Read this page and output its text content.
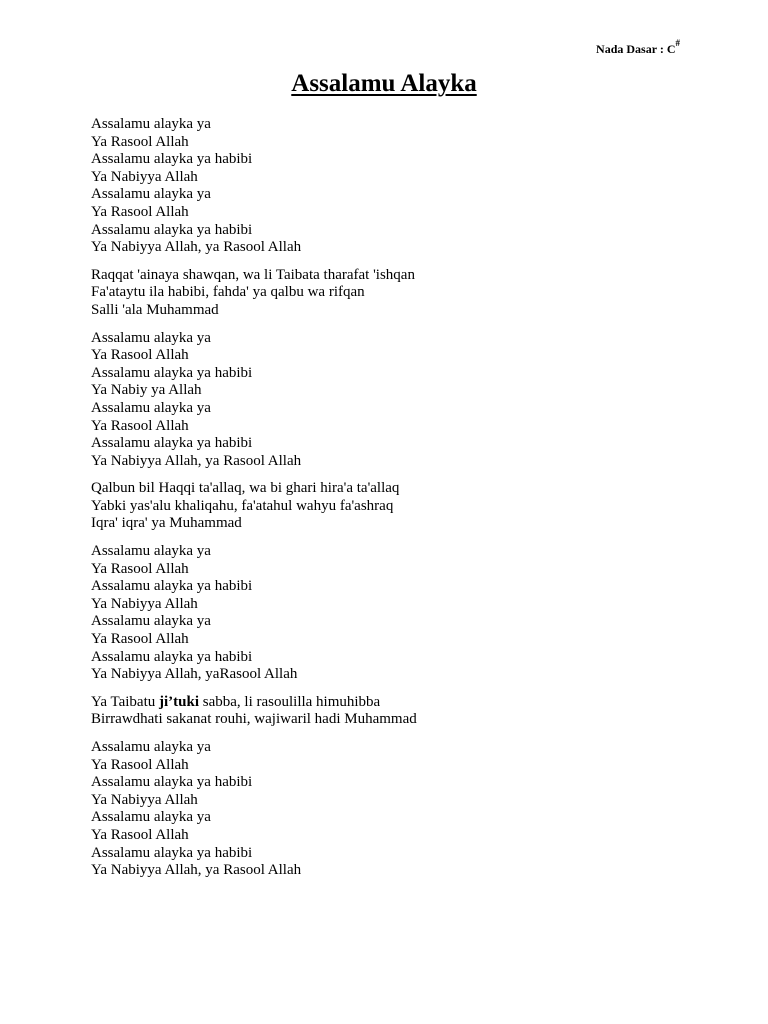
Nada Dasar : C#
Assalamu Alayka
Assalamu alayka ya
Ya Rasool Allah
Assalamu alayka ya habibi
Ya Nabiyya Allah
Assalamu alayka ya
Ya Rasool Allah
Assalamu alayka ya habibi
Ya Nabiyya Allah, ya Rasool Allah
Raqqat 'ainaya shawqan, wa li Taibata tharafat 'ishqan
Fa'ataytu ila habibi, fahda' ya qalbu wa rifqan
Salli 'ala Muhammad
Assalamu alayka ya
Ya Rasool Allah
Assalamu alayka ya habibi
Ya Nabiy ya Allah
Assalamu alayka ya
Ya Rasool Allah
Assalamu alayka ya habibi
Ya Nabiyya Allah, ya Rasool Allah
Qalbun bil Haqqi ta'allaq, wa bi ghari hira'a ta'allaq
Yabki yas'alu khaliqahu, fa'atahul wahyu fa'ashraq
Iqra' iqra' ya Muhammad
Assalamu alayka ya
Ya Rasool Allah
Assalamu alayka ya habibi
Ya Nabiyya Allah
Assalamu alayka ya
Ya Rasool Allah
Assalamu alayka ya habibi
Ya Nabiyya Allah, yaRasool Allah
Ya Taibatu ji’tuki sabba, li rasoulilla himuhibba
Birrawdhati sakanat rouhi, wajiwaril hadi Muhammad
Assalamu alayka ya
Ya Rasool Allah
Assalamu alayka ya habibi
Ya Nabiyya Allah
Assalamu alayka ya
Ya Rasool Allah
Assalamu alayka ya habibi
Ya Nabiyya Allah, ya Rasool Allah
